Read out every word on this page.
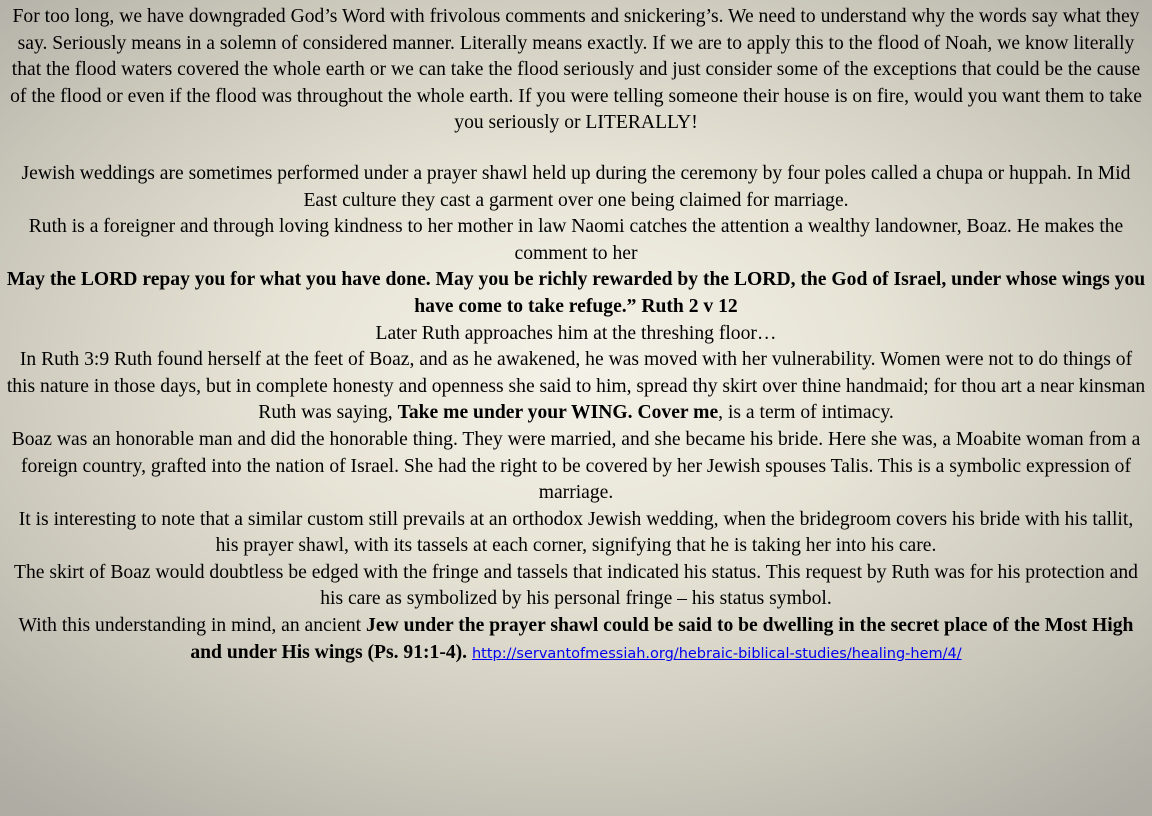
For too long, we have downgraded God’s Word with frivolous comments and snickering’s. We need to understand why the words say what they say. Seriously means in a solemn of considered manner. Literally means exactly. If we are to apply this to the flood of Noah, we know literally that the flood waters covered the whole earth or we can take the flood seriously and just consider some of the exceptions that could be the cause of the flood or even if the flood was throughout the whole earth. If you were telling someone their house is on fire, would you want them to take you seriously or LITERALLY!

Jewish weddings are sometimes performed under a prayer shawl held up during the ceremony by four poles called a chupa or huppah. In Mid East culture they cast a garment over one being claimed for marriage.

Ruth is a foreigner and through loving kindness to her mother in law Naomi catches the attention a wealthy landowner, Boaz. He makes the comment to her

May the LORD repay you for what you have done. May you be richly rewarded by the LORD, the God of Israel, under whose wings you have come to take refuge.” Ruth 2 v 12

Later Ruth approaches him at the threshing floor…

In Ruth 3:9 Ruth found herself at the feet of Boaz, and as he awakened, he was moved with her vulnerability. Women were not to do things of this nature in those days, but in complete honesty and openness she said to him, spread thy skirt over thine handmaid; for thou art a near kinsman Ruth was saying, Take me under your WING. Cover me, is a term of intimacy.

Boaz was an honorable man and did the honorable thing. They were married, and she became his bride. Here she was, a Moabite woman from a foreign country, grafted into the nation of Israel. She had the right to be covered by her Jewish spouses Talis. This is a symbolic expression of marriage.

It is interesting to note that a similar custom still prevails at an orthodox Jewish wedding, when the bridegroom covers his bride with his tallit, his prayer shawl, with its tassels at each corner, signifying that he is taking her into his care.

The skirt of Boaz would doubtless be edged with the fringe and tassels that indicated his status. This request by Ruth was for his protection and his care as symbolized by his personal fringe – his status symbol.

With this understanding in mind, an ancient Jew under the prayer shawl could be said to be dwelling in the secret place of the Most High and under His wings (Ps. 91:1-4). http://servantofmessiah.org/hebraic-biblical-studies/healing-hem/4/
